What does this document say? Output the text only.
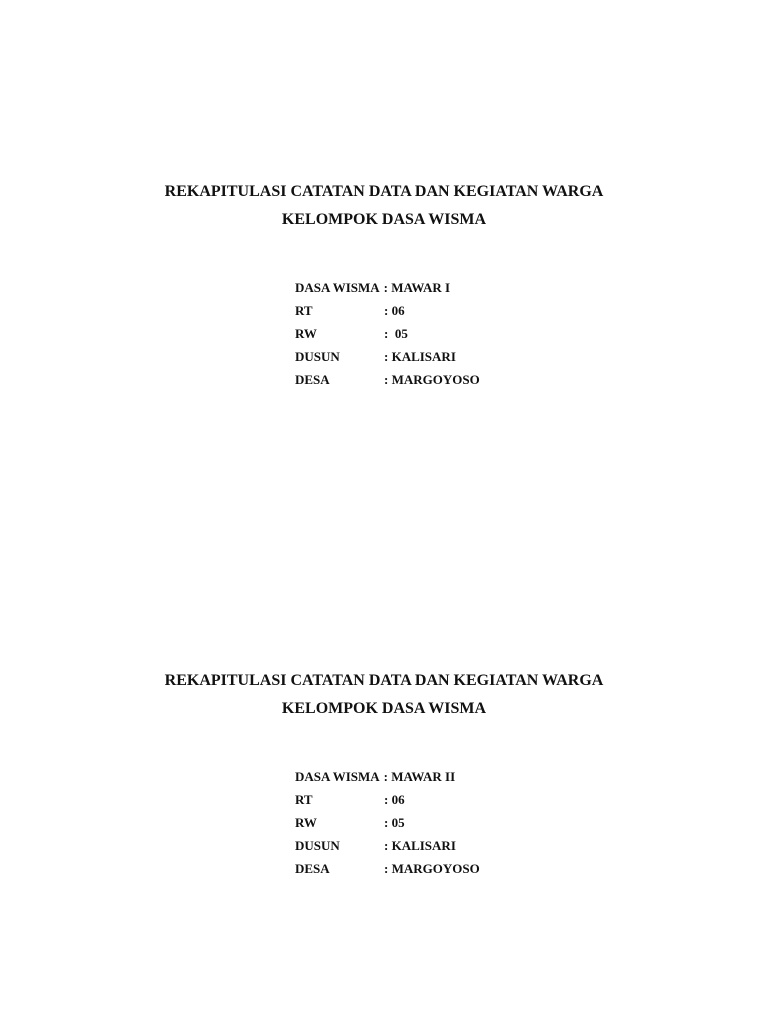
REKAPITULASI CATATAN DATA DAN KEGIATAN WARGA

KELOMPOK DASA WISMA

DASA WISMA : MAWAR I
RT	: 06
RW	:  05
DUSUN	: KALISARI
DESA	: MARGOYOSO

REKAPITULASI CATATAN DATA DAN KEGIATAN WARGA

KELOMPOK DASA WISMA

DASA WISMA : MAWAR II
RT	: 06
RW	: 05
DUSUN	: KALISARI
DESA	: MARGOYOSO
